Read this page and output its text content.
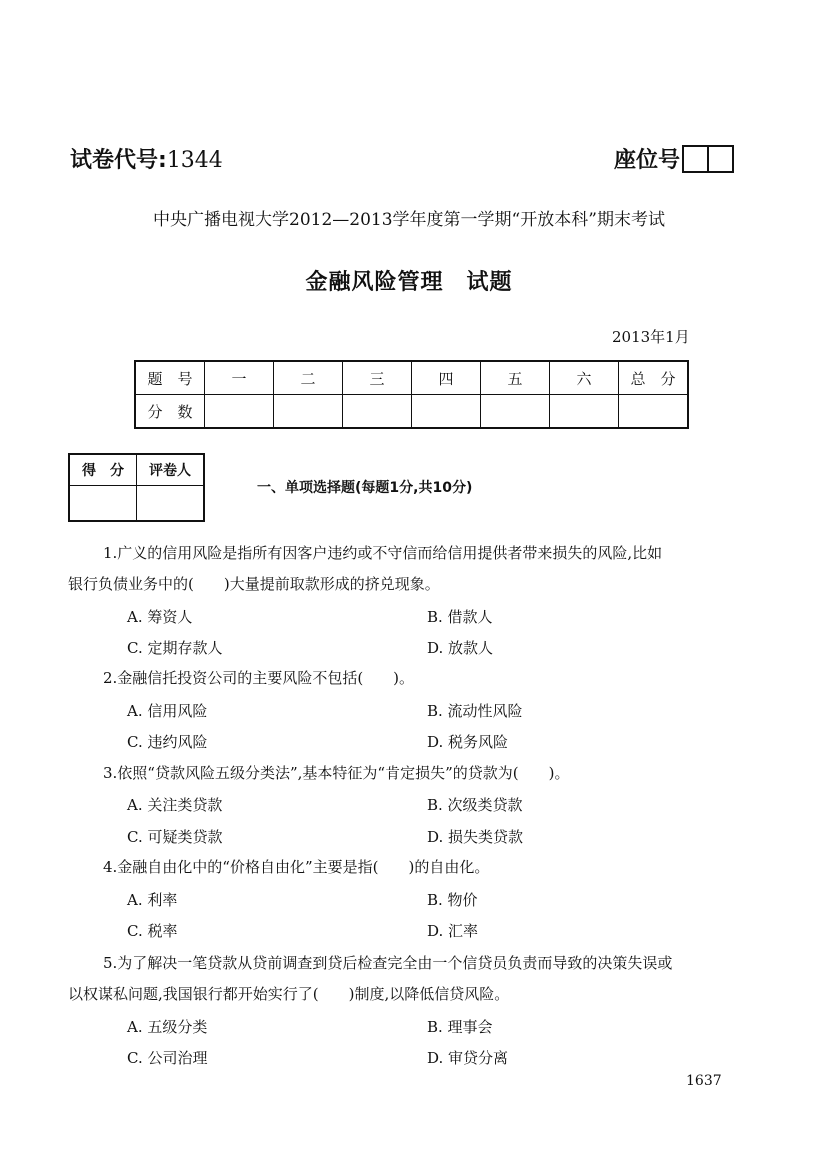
试卷代号:1344	座位号
中央广播电视大学2012—2013学年度第一学期“开放本科”期末考试
金融风险管理　试题
2013年1月
题　号	一	二	三	四	五	六	总　分
分　数							
得　分	评卷人

一、单项选择题(每题1分,共10分)
1.广义的信用风险是指所有因客户违约或不守信而给信用提供者带来损失的风险,比如
银行负债业务中的(　　)大量提前取款形成的挤兑现象。
A. 筹资人	B. 借款人
C. 定期存款人	D. 放款人
2.金融信托投资公司的主要风险不包括(　　)。
A. 信用风险	B. 流动性风险
C. 违约风险	D. 税务风险
3.依照“贷款风险五级分类法”,基本特征为“肯定损失”的贷款为(　　)。
A. 关注类贷款	B. 次级类贷款
C. 可疑类贷款	D. 损失类贷款
4.金融自由化中的“价格自由化”主要是指(　　)的自由化。
A. 利率	B. 物价
C. 税率	D. 汇率
5.为了解决一笔贷款从贷前调查到贷后检查完全由一个信贷员负责而导致的决策失误或
以权谋私问题,我国银行都开始实行了(　　)制度,以降低信贷风险。
A. 五级分类	B. 理事会
C. 公司治理	D. 审贷分离
1637
